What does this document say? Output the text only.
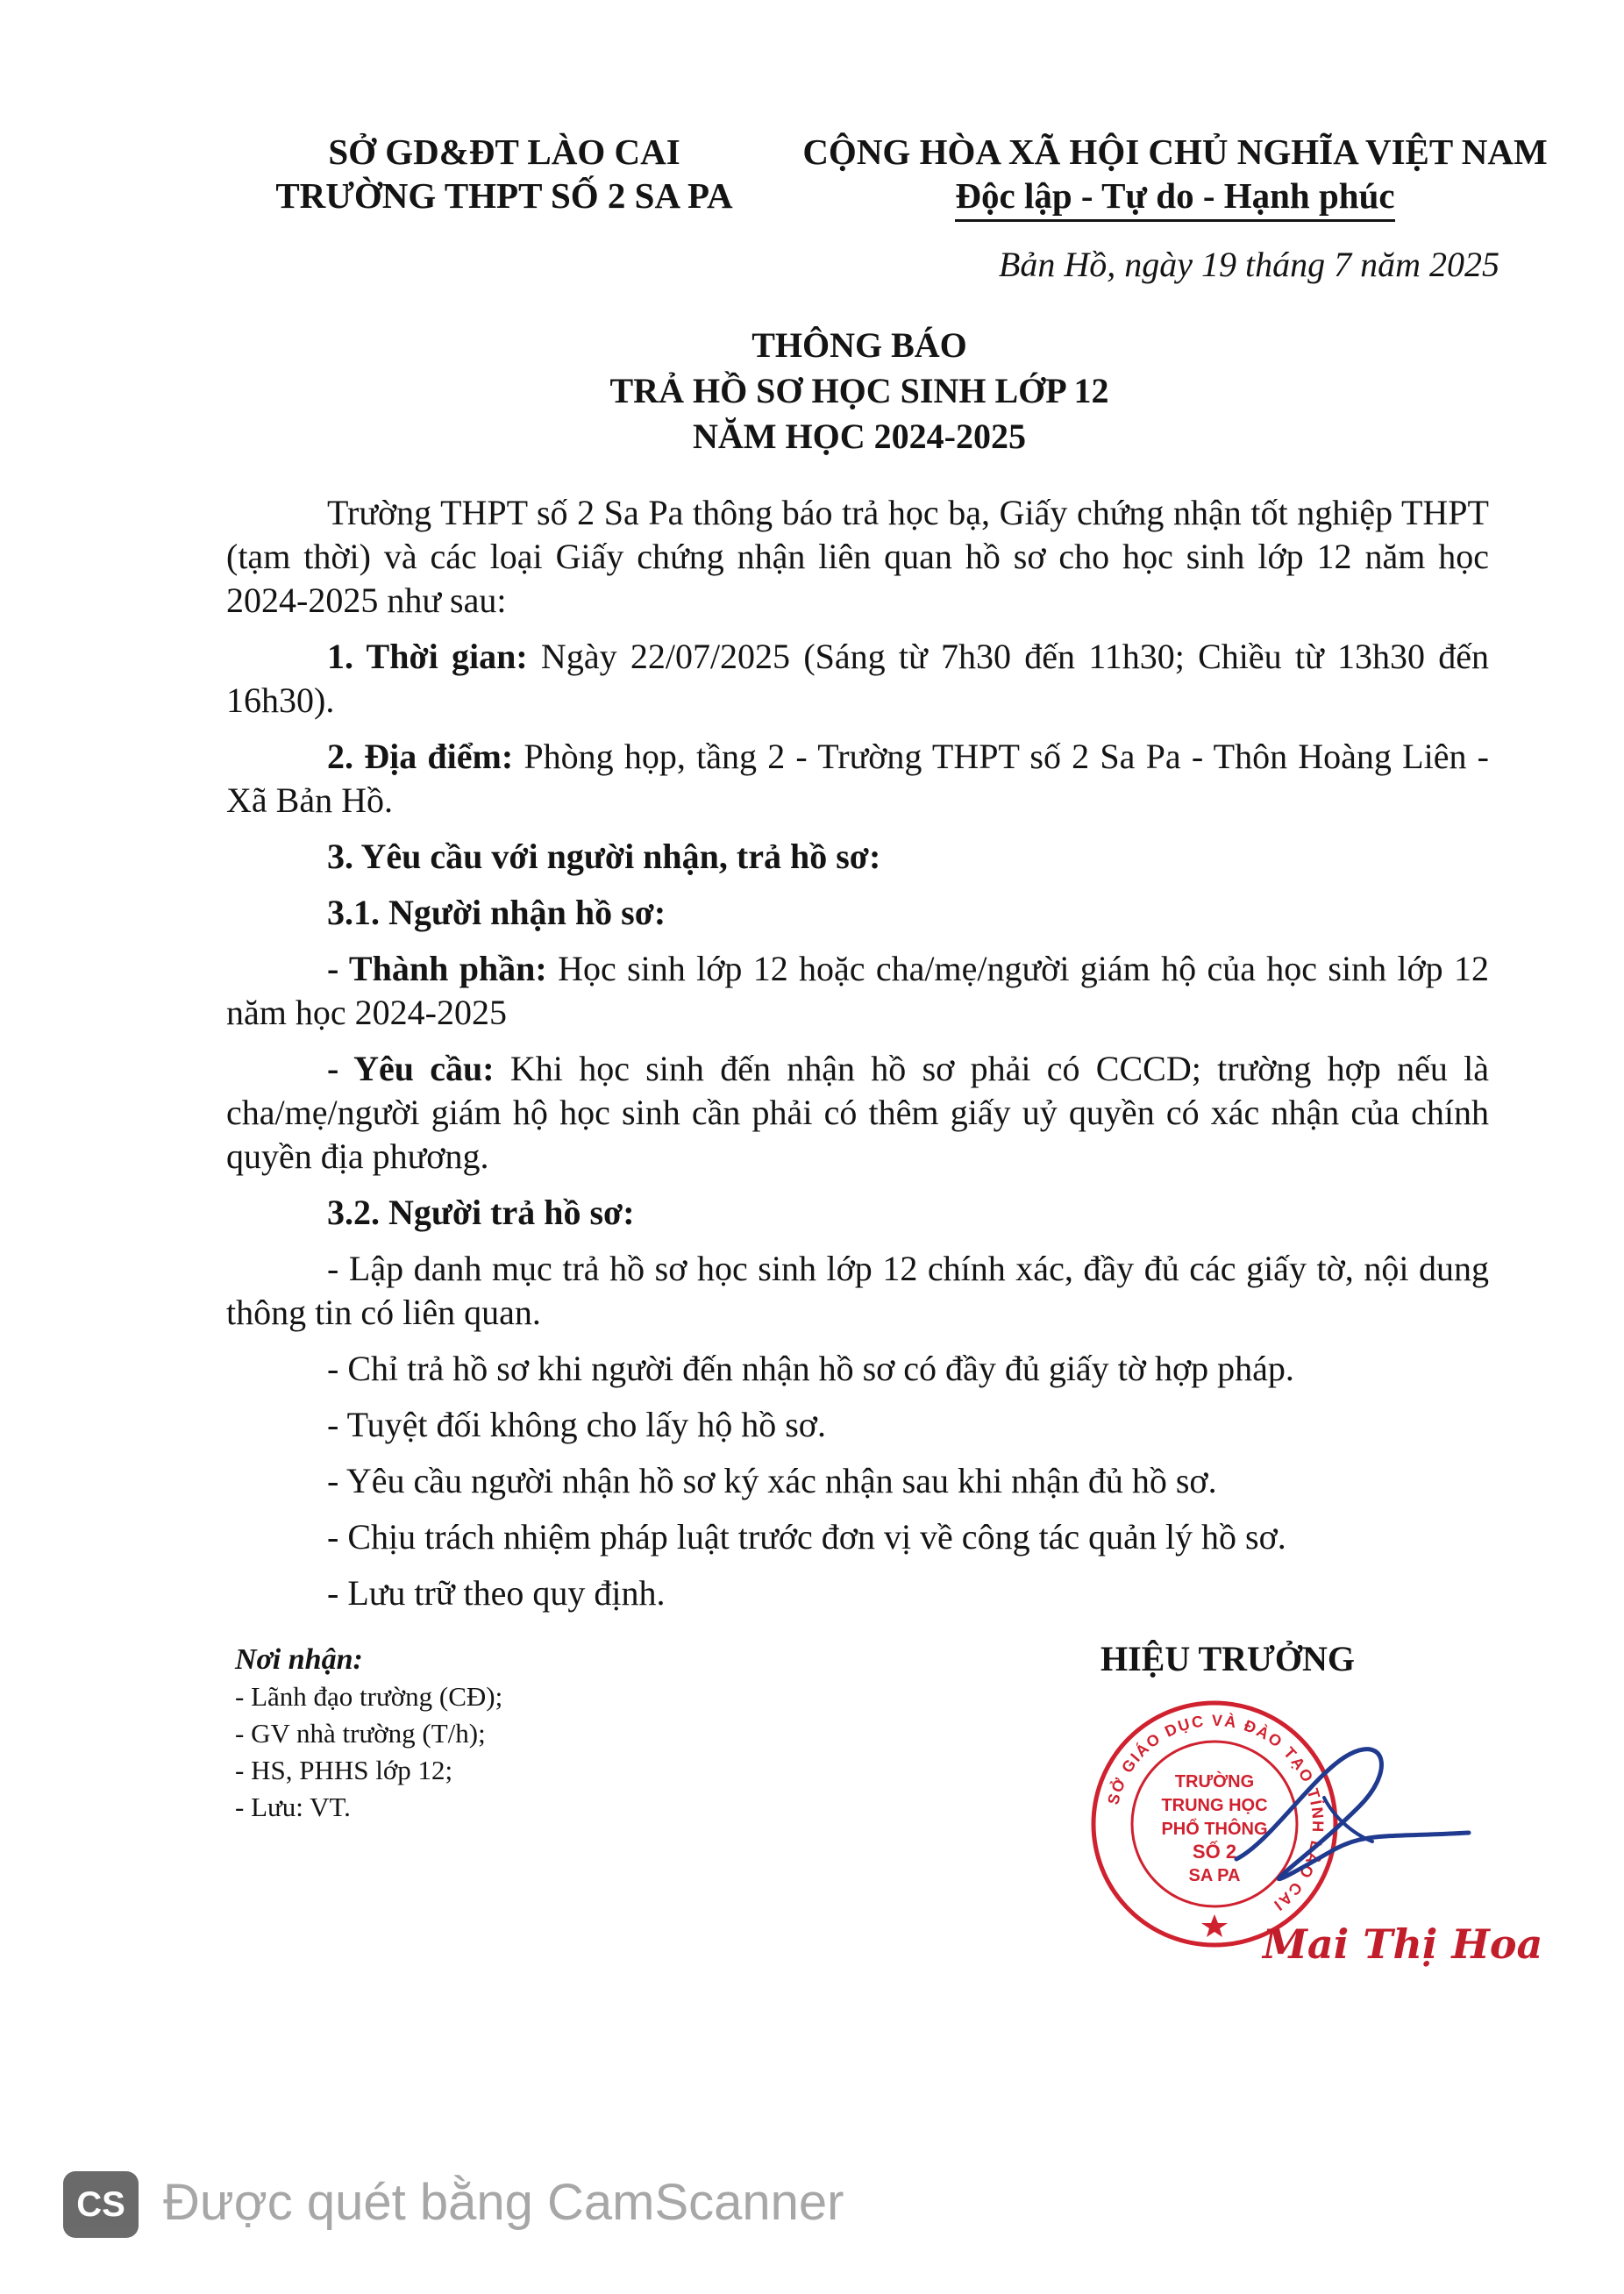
SỞ GD&ĐT LÀO CAI
TRƯỜNG THPT SỐ 2 SA PA
CỘNG HÒA XÃ HỘI CHỦ NGHĨA VIỆT NAM
Độc lập - Tự do - Hạnh phúc
Bản Hồ, ngày 19 tháng 7 năm 2025
THÔNG BÁO
TRẢ HỒ SƠ HỌC SINH LỚP 12
NĂM HỌC 2024-2025

Trường THPT số 2 Sa Pa thông báo trả học bạ, Giấy chứng nhận tốt nghiệp THPT (tạm thời) và các loại Giấy chứng nhận liên quan hồ sơ cho học sinh lớp 12 năm học 2024-2025 như sau:

1. Thời gian: Ngày 22/07/2025 (Sáng từ 7h30 đến 11h30; Chiều từ 13h30 đến 16h30).

2. Địa điểm: Phòng họp, tầng 2 - Trường THPT số 2 Sa Pa - Thôn Hoàng Liên - Xã Bản Hồ.

3. Yêu cầu với người nhận, trả hồ sơ:

3.1. Người nhận hồ sơ:

- Thành phần: Học sinh lớp 12 hoặc cha/mẹ/người giám hộ của học sinh lớp 12 năm học 2024-2025

- Yêu cầu: Khi học sinh đến nhận hồ sơ phải có CCCD; trường hợp nếu là cha/mẹ/người giám hộ học sinh cần phải có thêm giấy uỷ quyền có xác nhận của chính quyền địa phương.

3.2. Người trả hồ sơ:

- Lập danh mục trả hồ sơ học sinh lớp 12 chính xác, đầy đủ các giấy tờ, nội dung thông tin có liên quan.

- Chỉ trả hồ sơ khi người đến nhận hồ sơ có đầy đủ giấy tờ hợp pháp.

- Tuyệt đối không cho lấy hộ hồ sơ.

- Yêu cầu người nhận hồ sơ ký xác nhận sau khi nhận đủ hồ sơ.

- Chịu trách nhiệm pháp luật trước đơn vị về công tác quản lý hồ sơ.

- Lưu trữ theo quy định.

Nơi nhận:
- Lãnh đạo trường (CĐ);
- GV nhà trường (T/h);
- HS, PHHS lớp 12;
- Lưu: VT.
HIỆU TRƯỞNG
SỞ GIÁO DỤC VÀ ĐÀO TẠO TỈNH LÀO CAI
TRƯỜNG
TRUNG HỌC
PHỔ THÔNG
SỐ 2
SA PA
Mai Thị Hoa
CS Được quét bằng CamScanner
